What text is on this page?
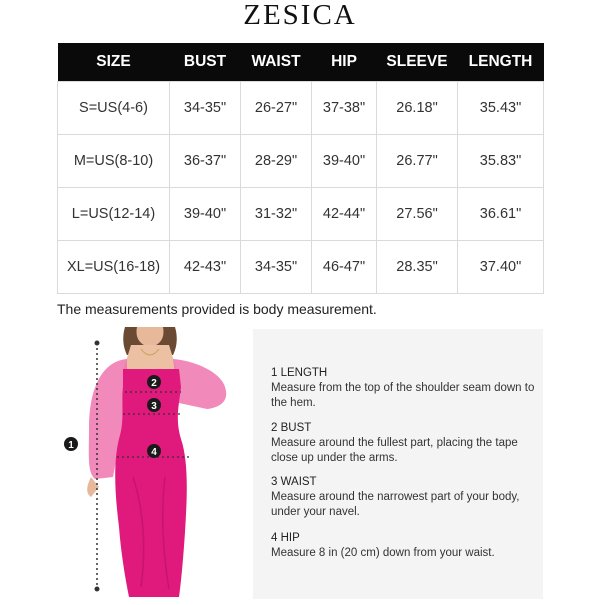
ZESICA
SIZE	BUST	WAIST	HIP	SLEEVE	LENGTH
S=US(4-6)	34-35"	26-27"	37-38"	26.18"	35.43"
M=US(8-10)	36-37"	28-29"	39-40"	26.77"	35.83"
L=US(12-14)	39-40"	31-32"	42-44"	27.56"	36.61"
XL=US(16-18)	42-43"	34-35"	46-47"	28.35"	37.40"
The measurements provided is body measurement.
1
2
3
4
1 LENGTH
Measure from the top of the shoulder seam down to the hem.
2 BUST
Measure around the fullest part, placing the tape close up under the arms.
3 WAIST
Measure around the narrowest part of your body, under your navel.
4 HIP
Measure 8 in (20 cm) down from your waist.
